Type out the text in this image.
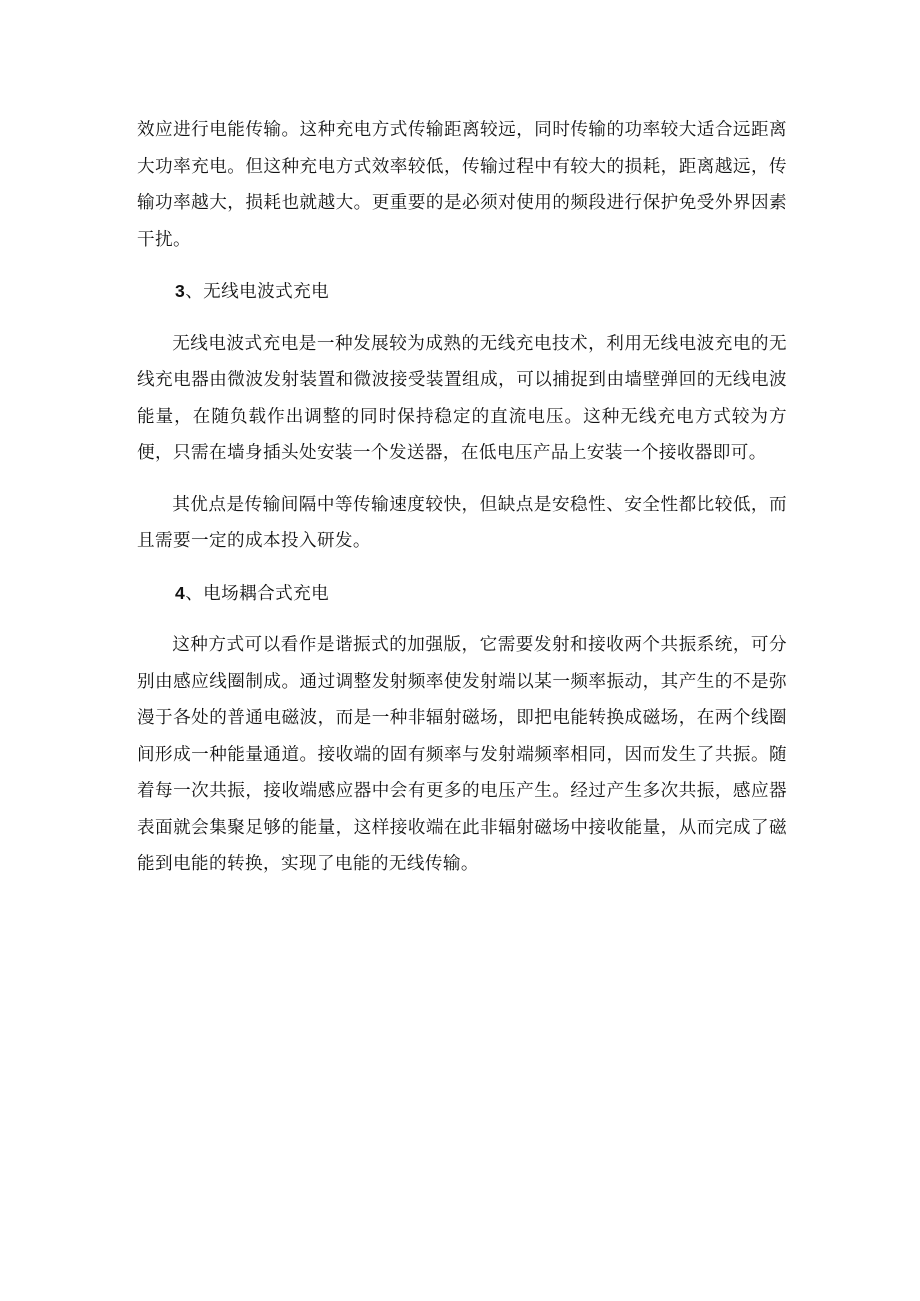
效应进行电能传输。这种充电方式传输距离较远，同时传输的功率较大适合远距离大功率充电。但这种充电方式效率较低，传输过程中有较大的损耗，距离越远，传输功率越大，损耗也就越大。更重要的是必须对使用的频段进行保护免受外界因素干扰。

3、无线电波式充电

无线电波式充电是一种发展较为成熟的无线充电技术，利用无线电波充电的无线充电器由微波发射装置和微波接受装置组成，可以捕捉到由墙壁弹回的无线电波能量，在随负载作出调整的同时保持稳定的直流电压。这种无线充电方式较为方便，只需在墙身插头处安装一个发送器，在低电压产品上安装一个接收器即可。

其优点是传输间隔中等传输速度较快，但缺点是安稳性、安全性都比较低，而且需要一定的成本投入研发。

4、电场耦合式充电

这种方式可以看作是谐振式的加强版，它需要发射和接收两个共振系统，可分别由感应线圈制成。通过调整发射频率使发射端以某一频率振动，其产生的不是弥漫于各处的普通电磁波，而是一种非辐射磁场，即把电能转换成磁场，在两个线圈间形成一种能量通道。接收端的固有频率与发射端频率相同，因而发生了共振。随着每一次共振，接收端感应器中会有更多的电压产生。经过产生多次共振，感应器表面就会集聚足够的能量，这样接收端在此非辐射磁场中接收能量，从而完成了磁能到电能的转换，实现了电能的无线传输。
